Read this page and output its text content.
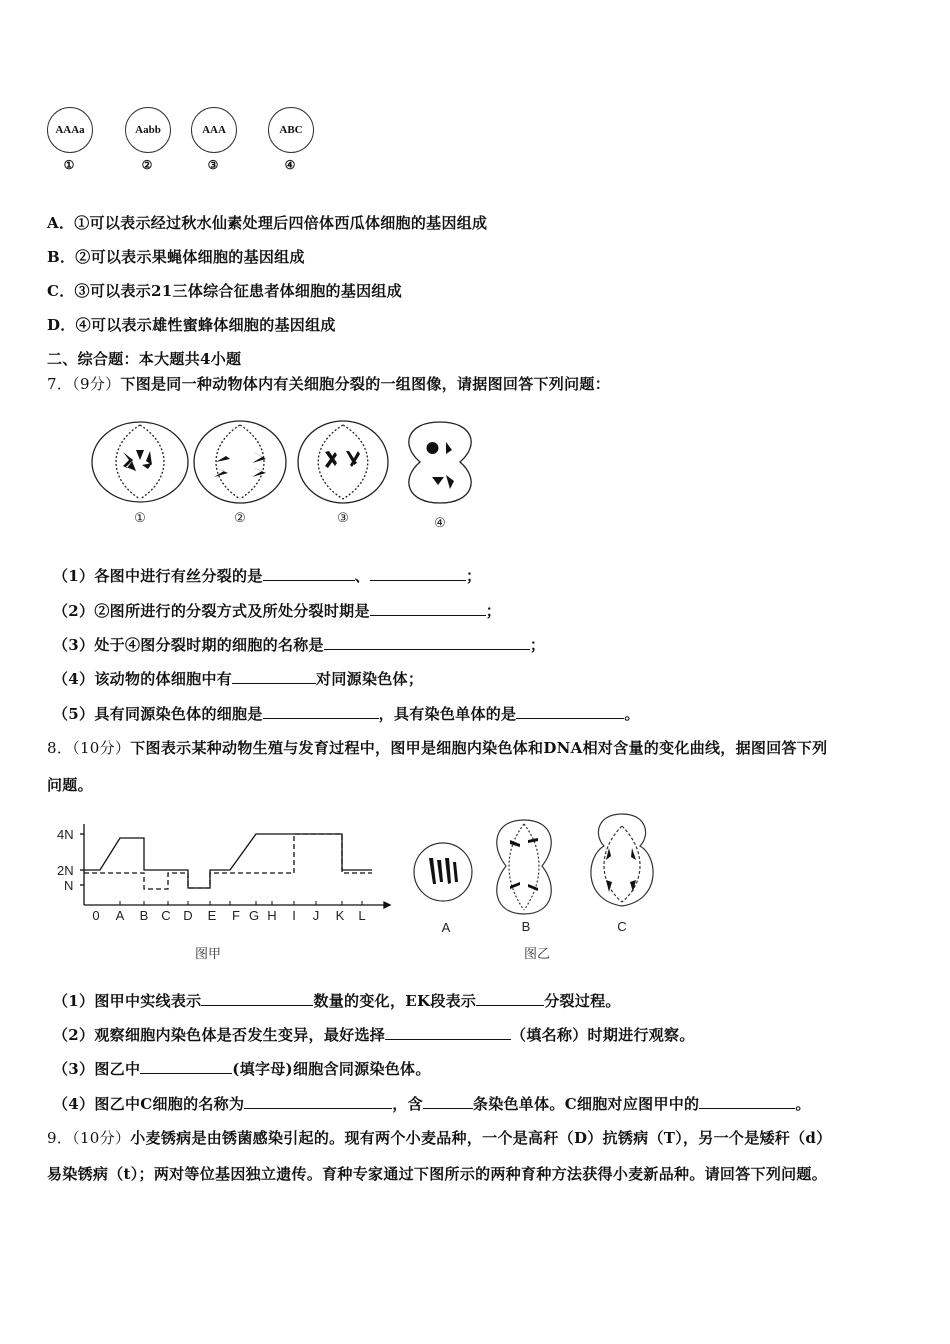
AAAa
①
Aabb
②
AAA
③
ABC
④
A．①可以表示经过秋水仙素处理后四倍体西瓜体细胞的基因组成
B．②可以表示果蝇体细胞的基因组成
C．③可以表示21三体综合征患者体细胞的基因组成
D．④可以表示雄性蜜蜂体细胞的基因组成
二、综合题：本大题共4小题
7．（9分）下图是同一种动物体内有关细胞分裂的一组图像，请据图回答下列问题：
①	②	③	④
（1）各图中进行有丝分裂的是	、	；
（2）②图所进行的分裂方式及所处分裂时期是	；
（3）处于④图分裂时期的细胞的名称是	；
（4）该动物的体细胞中有	对同源染色体；
（5）具有同源染色体的细胞是	，具有染色单体的是	。
8．（10分）下图表示某种动物生殖与发育过程中，图甲是细胞内染色体和DNA相对含量的变化曲线，据图回答下列
问题。
4N
2N
N
0 A B C D E F G H I J K L
图甲
A	B	C
图乙
（1）图甲中实线表示	数量的变化，EK段表示	分裂过程。
（2）观察细胞内染色体是否发生变异，最好选择	（填名称）时期进行观察。
（3）图乙中	(填字母)细胞含同源染色体。
（4）图乙中C细胞的名称为	，含	条染色单体。C细胞对应图甲中的	。
9．（10分）小麦锈病是由锈菌感染引起的。现有两个小麦品种，一个是高秆（D）抗锈病（T），另一个是矮秆（d）
易染锈病（t）；两对等位基因独立遗传。育种专家通过下图所示的两种育种方法获得小麦新品种。请回答下列问题。
